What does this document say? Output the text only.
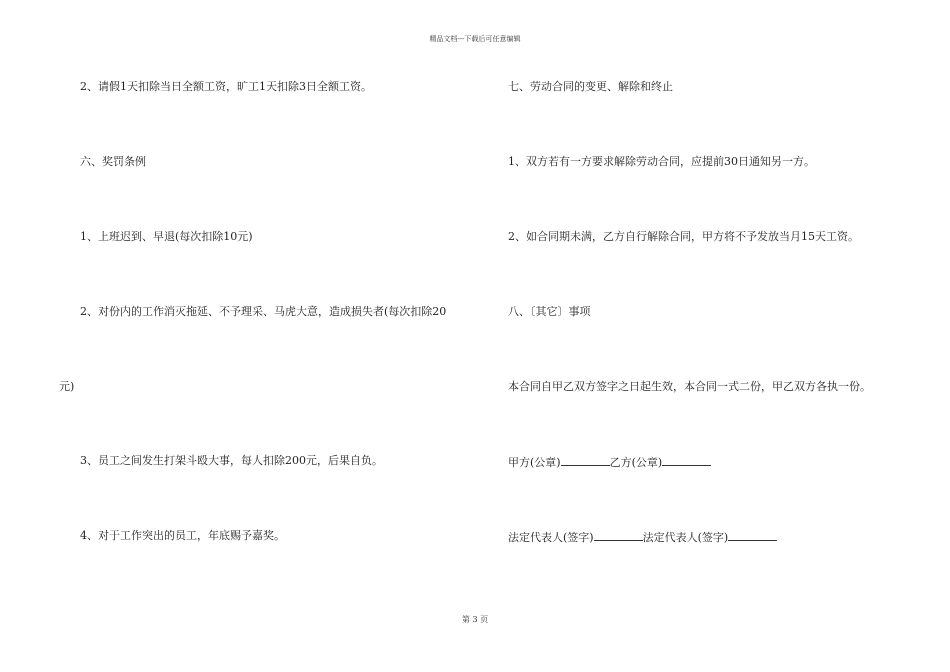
精品文档---下载后可任意编辑
2、请假1天扣除当日全额工资，旷工1天扣除3日全额工资。
六、奖罚条例
1、上班迟到、早退(每次扣除10元)
2、对份内的工作消灭拖延、不予理采、马虎大意，造成损失者(每次扣除20
元)
3、员工之间发生打架斗殴大事，每人扣除200元，后果自负。
4、对于工作突出的员工，年底赐予嘉奖。
七、劳动合同的变更、解除和终止
1、双方若有一方要求解除劳动合同，应提前30日通知另一方。
2、如合同期未满，乙方自行解除合同，甲方将不予发放当月15天工资。
八、〔其它〕事项
本合同自甲乙双方签字之日起生效，本合同一式二份，甲乙双方各执一份。
甲方(公章)	乙方(公章)
法定代表人(签字)	法定代表人(签字)
第 3 页
